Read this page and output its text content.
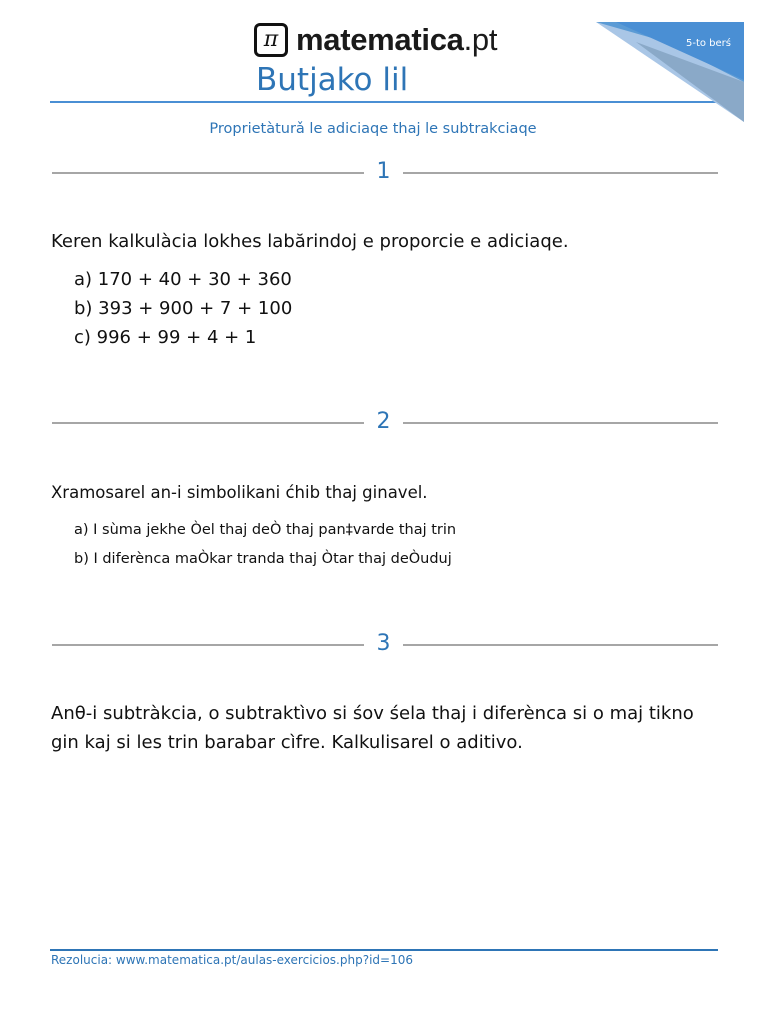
π matematica.pt
Butjako lil
5-to berś
Proprietàturǎ le adiciaqe thaj le subtrakciaqe
1
Keren kalkulàcia lokhes labărindoj e proporcie e adiciaqe.
a) 170 + 40 + 30 + 360
b) 393 + 900 + 7 + 100
c) 996 + 99 + 4 + 1
2
Xramosarel an-i simbolikani ćhib thaj ginavel.
a) I sùma jekhe Òel thaj deÒ thaj pan‡varde thaj trin
b) I diferènca maÒkar tranda thaj Òtar thaj deÒuduj
3
Anθ-i subtràkcia, o subtraktìvo si śov śela thaj i diferènca si o maj tikno
gin kaj si les trin barabar cìfre. Kalkulisarel o aditivo.
Rezolucia: www.matematica.pt/aulas-exercicios.php?id=106
